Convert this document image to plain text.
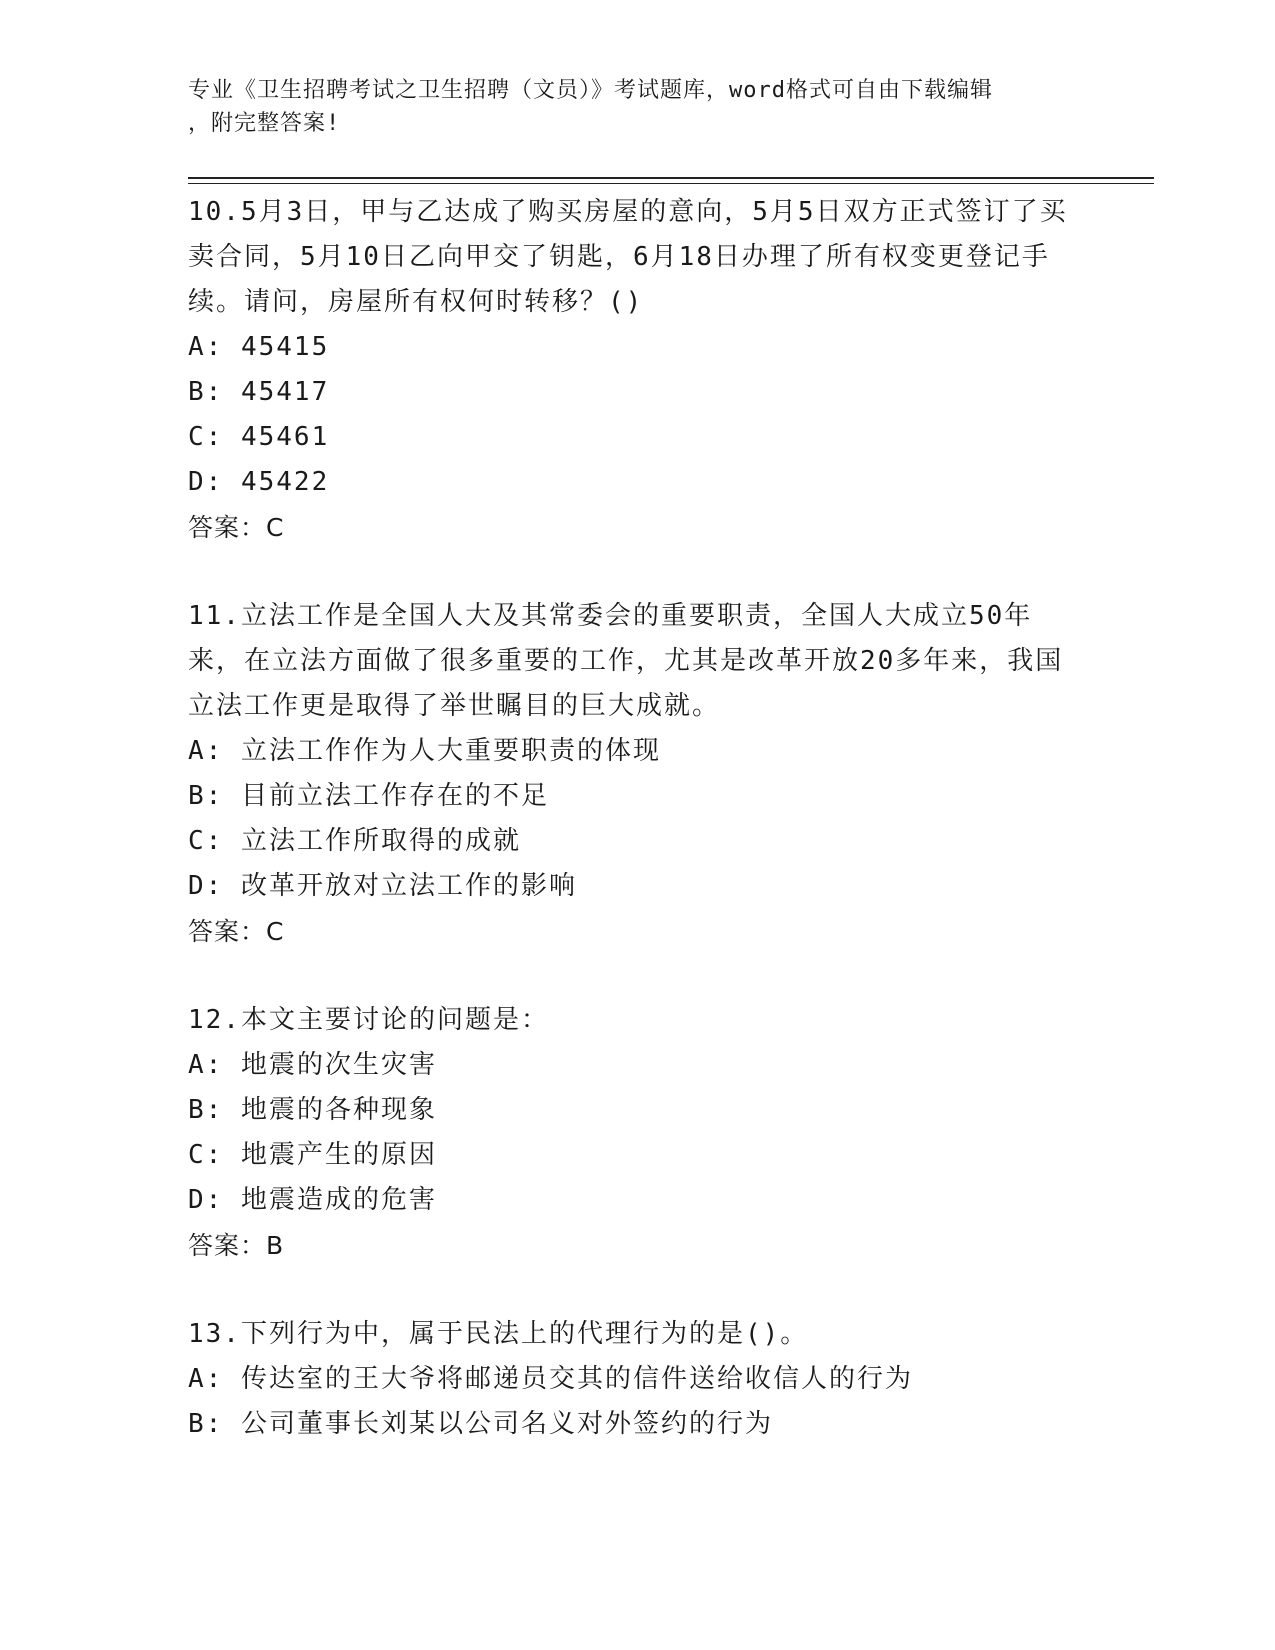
专业《卫生招聘考试之卫生招聘（文员）》考试题库，word格式可自由下载编辑
，附完整答案!

10.5月3日，甲与乙达成了购买房屋的意向，5月5日双方正式签订了买卖合同，5月10日乙向甲交了钥匙，6月18日办理了所有权变更登记手续。请问，房屋所有权何时转移？()

A: 45415
B: 45417
C: 45461
D: 45422
答案：C

11.立法工作是全国人大及其常委会的重要职责，全国人大成立50年来，在立法方面做了很多重要的工作，尤其是改革开放20多年来，我国立法工作更是取得了举世瞩目的巨大成就。

A: 立法工作作为人大重要职责的体现
B: 目前立法工作存在的不足
C: 立法工作所取得的成就
D: 改革开放对立法工作的影响
答案：C

12.本文主要讨论的问题是：

A: 地震的次生灾害
B: 地震的各种现象
C: 地震产生的原因
D: 地震造成的危害
答案：B

13.下列行为中，属于民法上的代理行为的是()。

A: 传达室的王大爷将邮递员交其的信件送给收信人的行为
B: 公司董事长刘某以公司名义对外签约的行为
